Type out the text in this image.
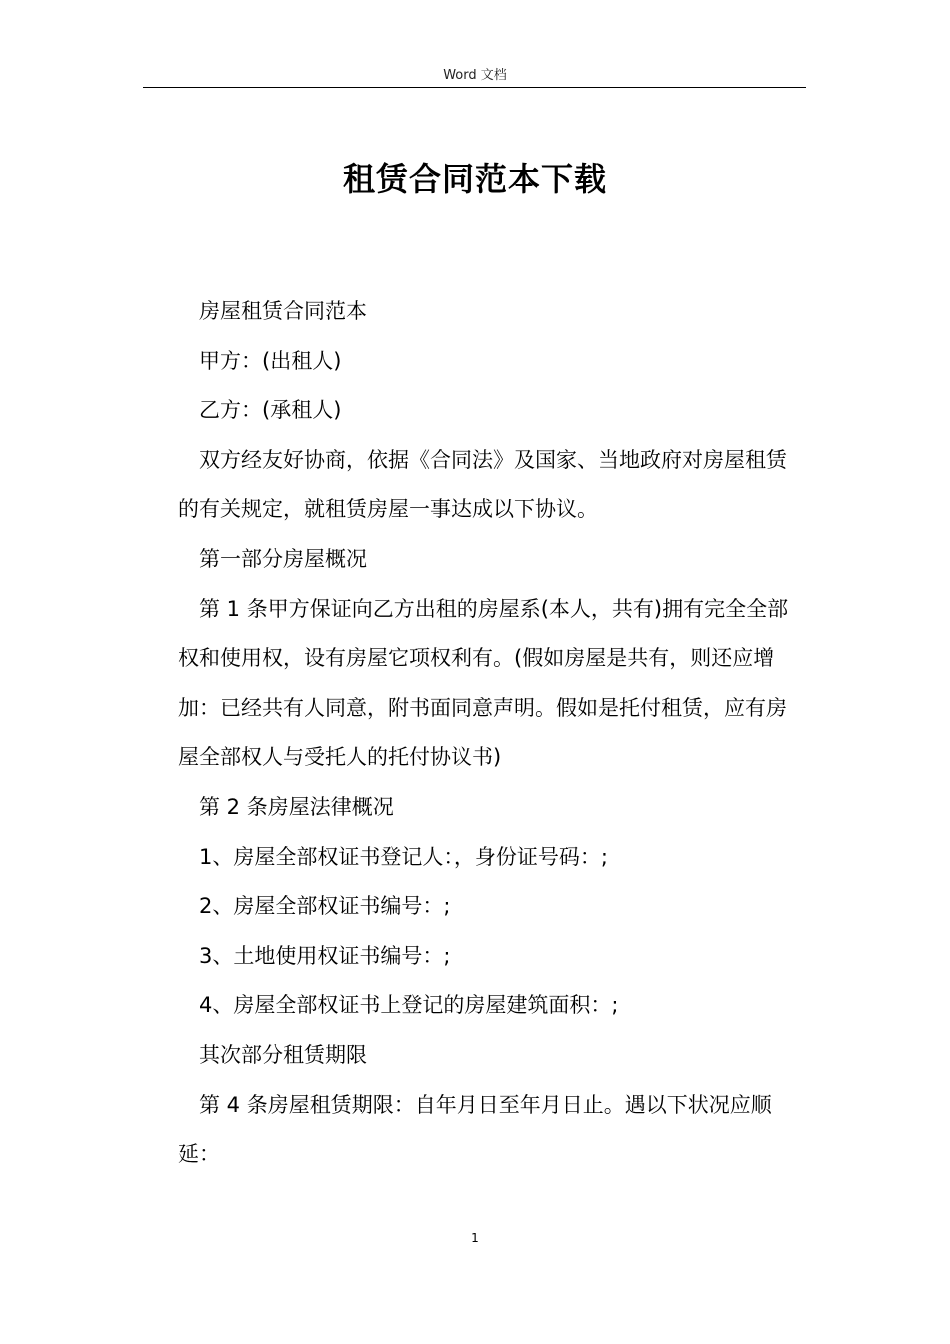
Word 文档
租赁合同范本下载

房屋租赁合同范本

甲方：(出租人)

乙方：(承租人)

双方经友好协商，依据《合同法》及国家、当地政府对房屋租赁的有关规定，就租赁房屋一事达成以下协议。

第一部分房屋概况

第 1 条甲方保证向乙方出租的房屋系(本人，共有)拥有完全全部权和使用权，设有房屋它项权利有。(假如房屋是共有，则还应增加：已经共有人同意，附书面同意声明。假如是托付租赁，应有房屋全部权人与受托人的托付协议书)

第 2 条房屋法律概况

1、房屋全部权证书登记人：，身份证号码：;

2、房屋全部权证书编号：;

3、土地使用权证书编号：;

4、房屋全部权证书上登记的房屋建筑面积：;

其次部分租赁期限

第 4 条房屋租赁期限：自年月日至年月日止。遇以下状况应顺延：

1
